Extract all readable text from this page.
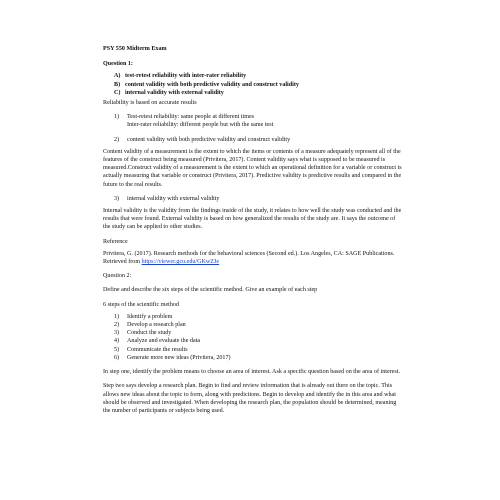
PSY 550 Midterm Exam
Question 1:
A) test-retest reliability with inter-rater reliability
B) content validity with both predictive validity and construct validity
C) internal validity with external validity

Reliability is based on accurate results

1)	Test-retest reliability: same people at different times
Inter-rater reliability: different people but with the same test
2)	content validity with both predictive validity and construct validity

Content validity of a measurement is the extent to which the items or contents of a measure adequately represent all of the features of the construct being measured (Privitera, 2017). Content validity says what is supposed to be measured is measured.Construct validity of a measurement is the extent to which an operational definition for a variable or construct is actually measuring that variable or construct (Privitera, 2017). Predictive validity is predictive results and compared in the future to the real results.

3)	internal validity with external validity

Internal validity is the validity from the findings inside of the study, it relates to how well the study was conducted and the results that were found. External validity is based on how generalized the results of the study are. It says the outcome of the study can be applied to other studies.

Reference

Privitera, G. (2017). Research methods for the behavioral sciences (Second ed.). Los Angeles, CA: SAGE Publications. Retrieved from https://viewer.gcu.edu/GKwZJe

Question 2:

Define and describe the six steps of the scientific method. Give an example of each step

6 steps of the scientific method

1)	Identify a problem
2)	Develop a research plan
3)	Conduct the study
4)	Analyze and evaluate the data
5)	Communicate the results
6)	Generate more new ideas (Privitera, 2017)

In step one, identify the problem means to choose an area of interest. Ask a specific question based on the area of interest.

Step two says develop a research plan. Begin to find and review information that is already out there on the topic. This allows new ideas about the topic to form, along with predictions. Begin to develop and identify the in this area and what should be observed and investigated. When developing the research plan, the population should be determined, meaning the number of participants or subjects being used.
